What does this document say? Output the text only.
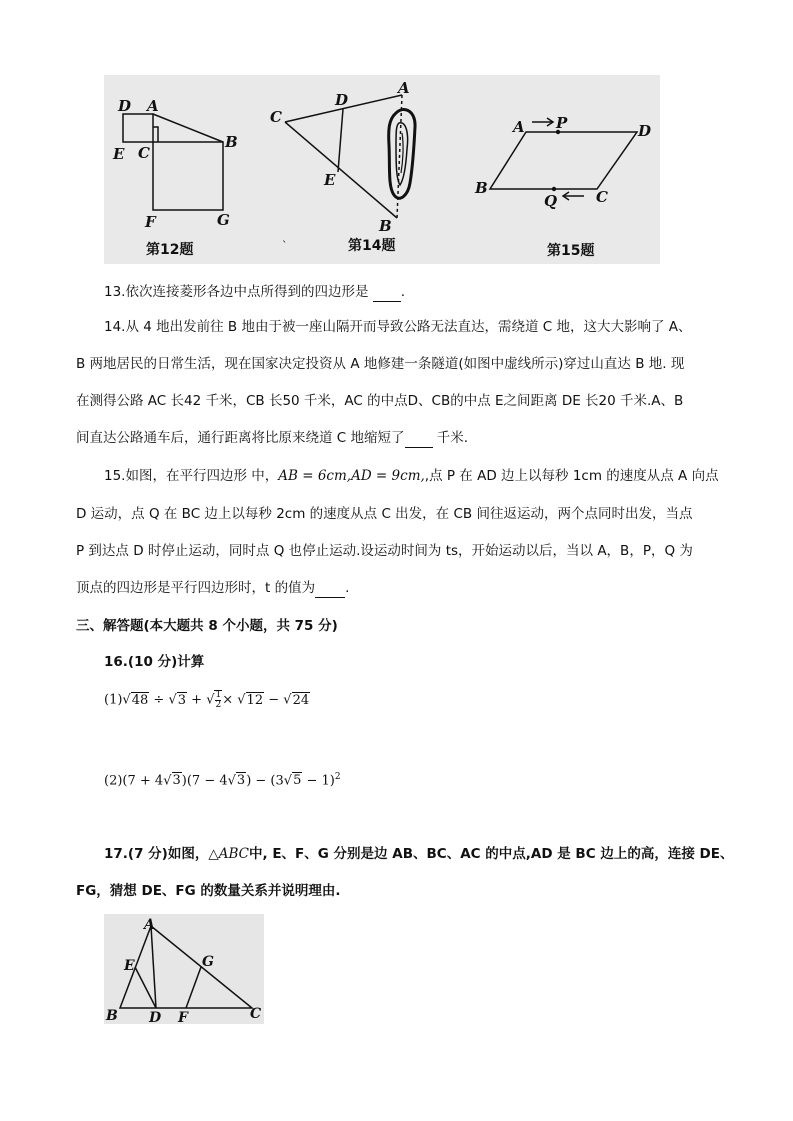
D A
E C
B
F	G
第12题
C
D
A
E
B
`	第14题
A P	D
B
Q	C
第15题
13.依次连接菱形各边中点所得到的四边形是 .
14.从 4 地出发前往 B 地由于被一座山隔开而导致公路无法直达，需绕道 C 地，这大大影响了 A、
B 两地居民的日常生活，现在国家决定投资从 A 地修建一条隧道(如图中虚线所示)穿过山直达 B 地. 现
在测得公路 AC 长42 千米，CB 长50 千米，AC 的中点D、CB的中点 E之间距离 DE 长20 千米.A、B
间直达公路通车后，通行距离将比原来绕道 C 地缩短了 千米.
15.如图，在平行四边形 中，AB = 6cm,AD = 9cm,,点 P 在 AD 边上以每秒 1cm 的速度从点 A 向点
D 运动，点 Q 在 BC 边上以每秒 2cm 的速度从点 C 出发，在 CB 间往返运动，两个点同时出发，当点
P 到达点 D 时停止运动，同时点 Q 也停止运动.设运动时间为 ts，开始运动以后，当以 A，B，P，Q 为
顶点的四边形是平行四边形时，t 的值为 .
三、解答题(本大题共 8 个小题，共 75 分)
16.(10 分)计算
(1)√48 ÷ √3 + √ $\frac{1}{2} \times √12 - √24$
$(2)(7 + 4√3)(7 - 4√3) - (3√5 - 1)^2$
17.(7 分)如图，△ABC中, E、F、G 分别是边 AB、BC、AC 的中点,AD 是 BC 边上的高，连接 DE、
FG，猜想 DE、FG 的数量关系并说明理由.
A
E	G
B D F	C
